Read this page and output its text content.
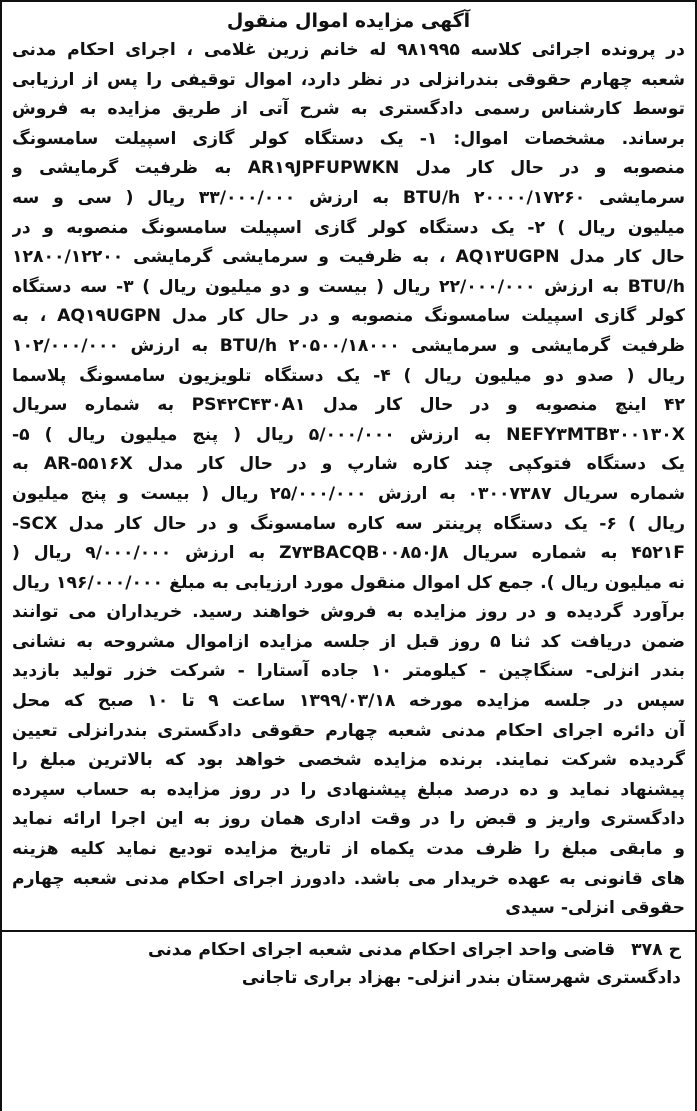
آگهی مزایده اموال منقول
در پرونده اجرائی کلاسه ۹۸۱۹۹۵ له خانم زرین غلامی ، اجرای احکام مدنی
شعبه چهارم حقوقی بندرانزلی در نظر دارد، اموال توقیفی را پس از ارزیابی
توسط کارشناس رسمی دادگستری به شرح آتی از طریق مزایده به فروش
برساند. مشخصات اموال: ۱- یک دستگاه کولر گازی اسپیلت سامسونگ
منصوبه و در حال کار مدل AR۱۹JPFUPWKN به ظرفیت گرمایشی و
سرمایشی ۲۰۰۰۰/۱۷۲۶۰ BTU/h به ارزش ۳۳/۰۰۰/۰۰۰ ریال ( سی و سه
میلیون ریال ) ۲- یک دستگاه کولر گازی اسپیلت سامسونگ منصوبه و در
حال کار مدل AQ۱۳UGPN ، به ظرفیت و سرمایشی گرمایشی ۱۲۸۰۰/۱۲۲۰۰
BTU/h به ارزش ۲۲/۰۰۰/۰۰۰ ریال ( بیست و دو میلیون ریال ) ۳- سه دستگاه
کولر گازی اسپیلت سامسونگ منصوبه و در حال کار مدل AQ۱۹UGPN ، به
ظرفیت گرمایشی و سرمایشی ۲۰۵۰۰/۱۸۰۰۰ BTU/h به ارزش ۱۰۲/۰۰۰/۰۰۰
ریال ( صدو دو میلیون ریال ) ۴- یک دستگاه تلویزیون سامسونگ پلاسما
۴۲ اینچ منصوبه و در حال کار مدل PS۴۲C۴۳۰A۱ به شماره سریال
NEFY۳MTB۳۰۰۱۳۰X به ارزش ۵/۰۰۰/۰۰۰ ریال ( پنج میلیون ریال ) ۵-
یک دستگاه فتوکپی چند کاره شارپ و در حال کار مدل AR-۵۵۱۶X به
شماره سریال ۰۳۰۰۷۳۸۷ به ارزش ۲۵/۰۰۰/۰۰۰ ریال ( بیست و پنج میلیون
ریال ) ۶- یک دستگاه پرینتر سه کاره سامسونگ و در حال کار مدل SCX-
۴۵۲۱F به شماره سریال Z۷۳BACQB۰۰۸۵۰J۸ به ارزش ۹/۰۰۰/۰۰۰ ریال (
نه میلیون ریال ). جمع کل اموال منقول مورد ارزیابی به مبلغ ۱۹۶/۰۰۰/۰۰۰ ریال
برآورد گردیده و در روز مزایده به فروش خواهند رسید. خریداران می توانند
ضمن دریافت کد ثنا ۵ روز قبل از جلسه مزایده ازاموال مشروحه به نشانی
بندر انزلی- سنگاچین - کیلومتر ۱۰ جاده آستارا - شرکت خزر تولید بازدید
سپس در جلسه مزایده مورخه ۱۳۹۹/۰۳/۱۸ ساعت ۹ تا ۱۰ صبح که محل
آن دائره اجرای احکام مدنی شعبه چهارم حقوقی دادگستری بندرانزلی تعیین
گردیده شرکت نمایند. برنده مزایده شخصی خواهد بود که بالاترین مبلغ را
پیشنهاد نماید و ده درصد مبلغ پیشنهادی را در روز مزایده به حساب سپرده
دادگستری واریز و قبض را در وقت اداری همان روز به این اجرا ارائه نماید
و مابقی مبلغ را ظرف مدت یکماه از تاریخ مزایده تودیع نماید کلیه هزینه
های قانونی به عهده خریدار می باشد. دادورز اجرای احکام مدنی شعبه چهارم
حقوقی انزلی- سیدی
ح ۳۷۸ قاضی واحد اجرای احکام مدنی شعبه اجرای احکام مدنی
دادگستری شهرستان بندر انزلی- بهزاد براری تاجانی
